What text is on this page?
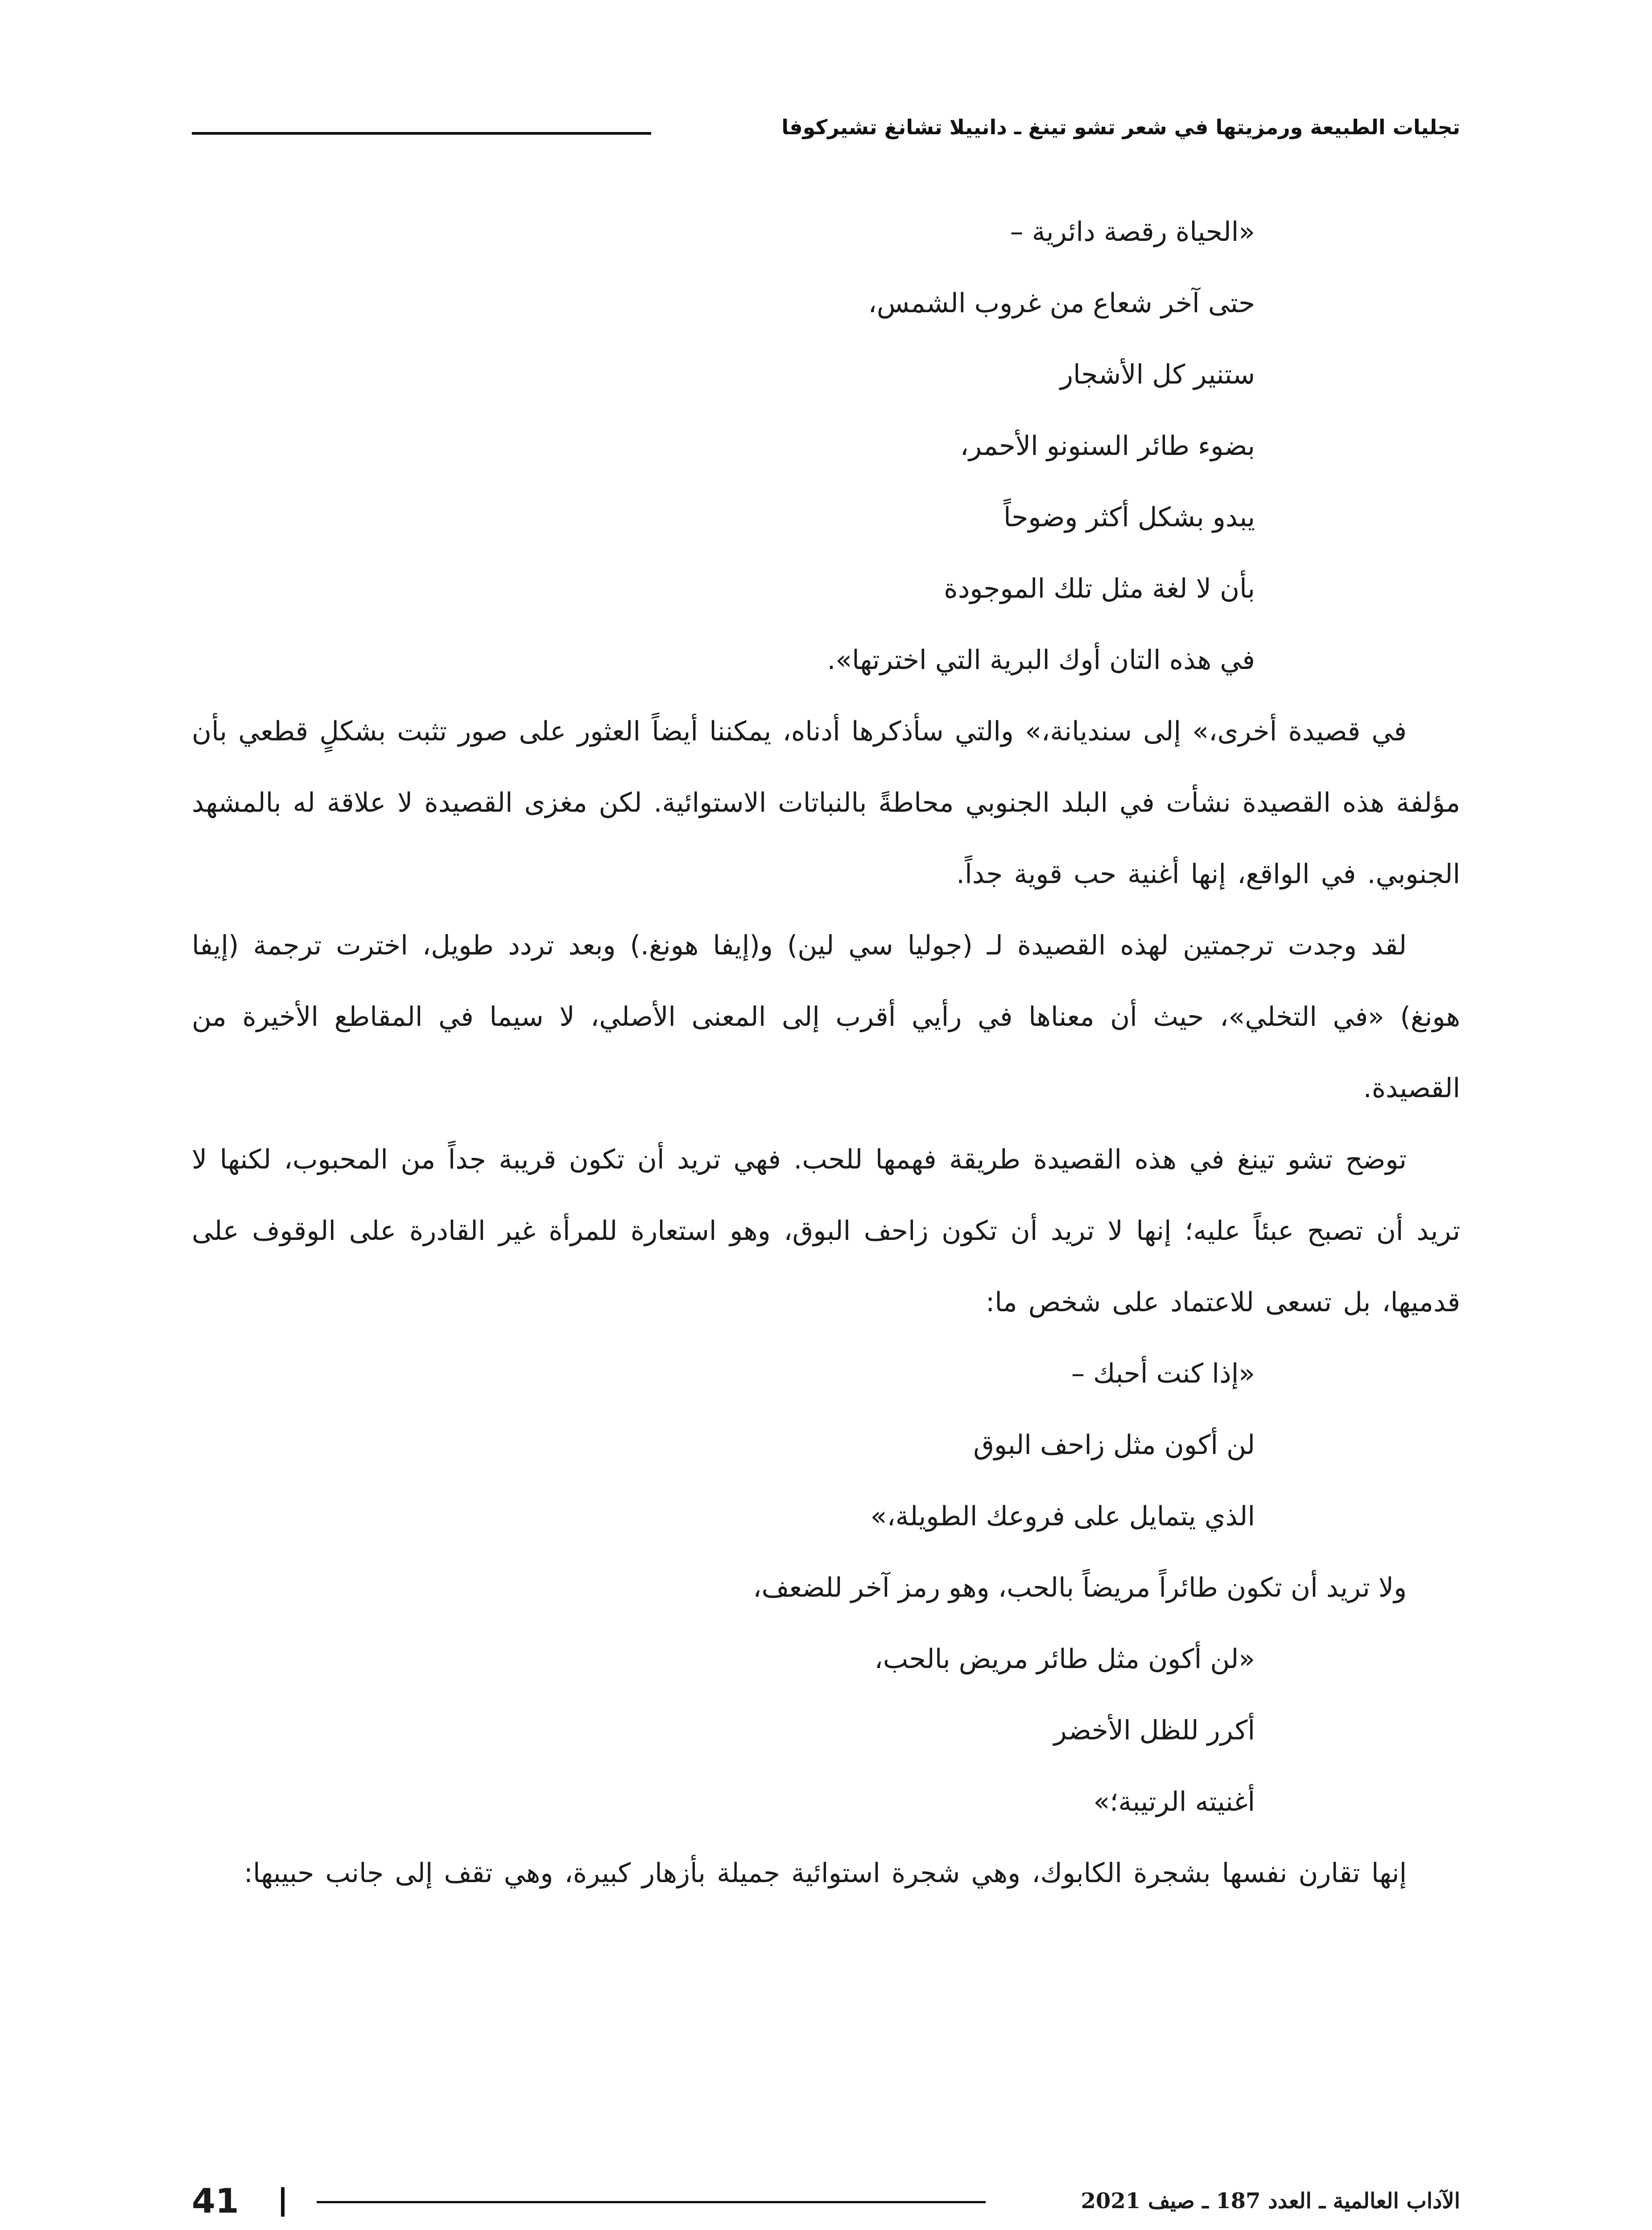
تجليات الطبيعة ورمزيتها في شعر تشو تينغ ـ دانييلا تشانغ تشيركوفا
«الحياة رقصة دائرية –
حتى آخر شعاع من غروب الشمس،
ستنير كل الأشجار
بضوء طائر السنونو الأحمر،
يبدو بشكل أكثر وضوحاً
بأن لا لغة مثل تلك الموجودة
في هذه التان أوك البرية التي اخترتها».

في قصيدة أخرى،» إلى سنديانة،» والتي سأذكرها أدناه، يمكننا أيضاً العثور على صور تثبت بشكلٍ قطعي بأن مؤلفة هذه القصيدة نشأت في البلد الجنوبي محاطةً بالنباتات الاستوائية. لكن مغزى القصيدة لا علاقة له بالمشهد الجنوبي. في الواقع، إنها أغنية حب قوية جداً.

لقد وجدت ترجمتين لهذه القصيدة لـ (جوليا سي لين) و(إيفا هونغ.) وبعد تردد طويل، اخترت ترجمة (إيفا هونغ) «في التخلي»، حيث أن معناها في رأيي أقرب إلى المعنى الأصلي، لا سيما في المقاطع الأخيرة من القصيدة.

توضح تشو تينغ في هذه القصيدة طريقة فهمها للحب. فهي تريد أن تكون قريبة جداً من المحبوب، لكنها لا تريد أن تصبح عبئاً عليه؛ إنها لا تريد أن تكون زاحف البوق، وهو استعارة للمرأة غير القادرة على الوقوف على قدميها، بل تسعى للاعتماد على شخص ما:

«إذا كنت أحبك –
لن أكون مثل زاحف البوق
الذي يتمايل على فروعك الطويلة،»

ولا تريد أن تكون طائراً مريضاً بالحب، وهو رمز آخر للضعف،

«لن أكون مثل طائر مريض بالحب،
أكرر للظل الأخضر
أغنيته الرتيبة؛»

إنها تقارن نفسها بشجرة الكابوك، وهي شجرة استوائية جميلة بأزهار كبيرة، وهي تقف إلى جانب حبيبها:

الآداب العالمية ـ العدد 187 ـ صيف 2021
41
